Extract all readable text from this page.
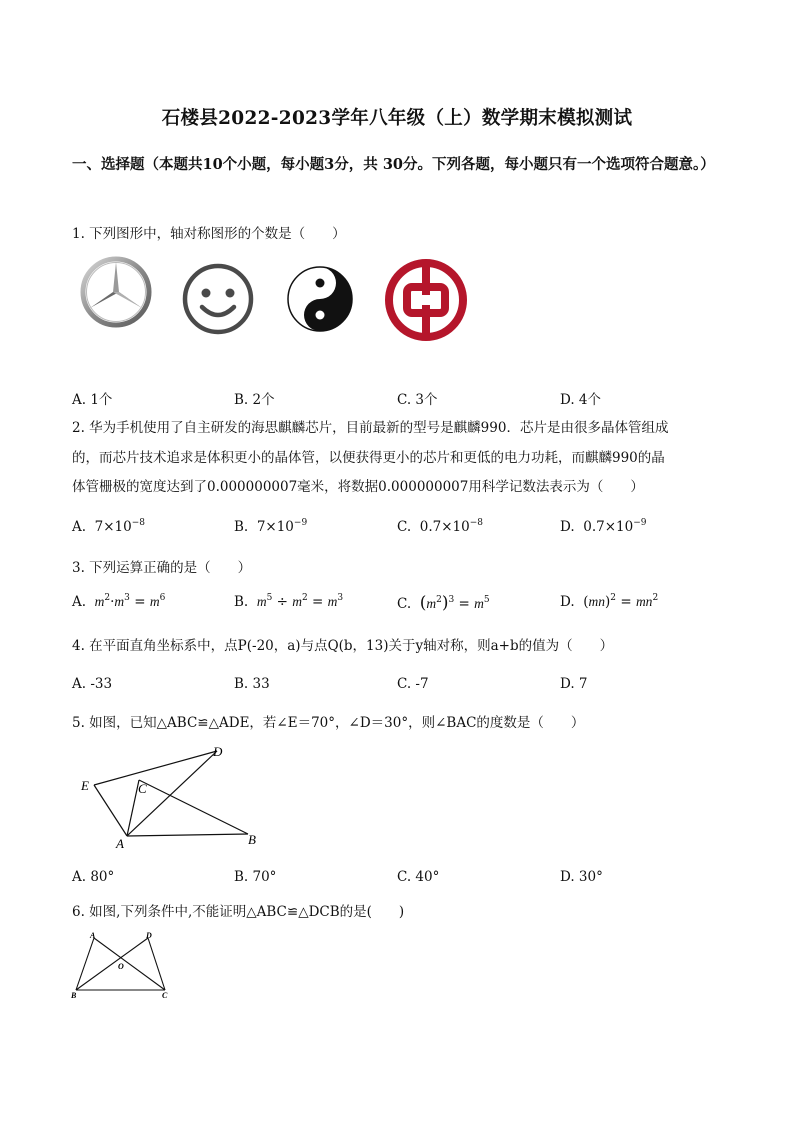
石楼县2022-2023学年八年级（上）数学期末模拟测试
一、选择题（本题共10个小题，每小题3分，共 30分。下列各题，每小题只有一个选项符合题意。）
1. 下列图形中，轴对称图形的个数是（　　）
A. 1个	B. 2个	C. 3个	D. 4个
2. 华为手机使用了自主研发的海思麒麟芯片，目前最新的型号是麒麟990．芯片是由很多晶体管组成
的，而芯片技术追求是体积更小的晶体管，以便获得更小的芯片和更低的电力功耗，而麒麟990的晶
体管栅极的宽度达到了0.000000007毫米，将数据0.000000007用科学记数法表示为（　　）
A. $7\times 10^{-8}$	B. $7\times 10^{-9}$	C. $0.7\times 10^{-8}$	D. $0.7\times 10^{-9}$
3. 下列运算正确的是（　　）
A. $m^2\cdot m^3 = m^6$	B. $m^5 \div m^2 = m^3$	C. $(m^2)^3 = m^5$	D. $(mn)^2 = mn^2$
4. 在平面直角坐标系中，点P(-20，a)与点Q(b，13)关于y轴对称，则a+b的值为（　　）
A. -33	B. 33	C. -7	D. 7
5. 如图，已知△ABC≌△ADE，若∠E＝70°，∠D＝30°，则∠BAC的度数是（　　）
D
E	C
A	B
A. 80°	B. 70°	C. 40°	D. 30°
6. 如图,下列条件中,不能证明△ABC≌△DCB的是(　　)
A	D
O
B	C
